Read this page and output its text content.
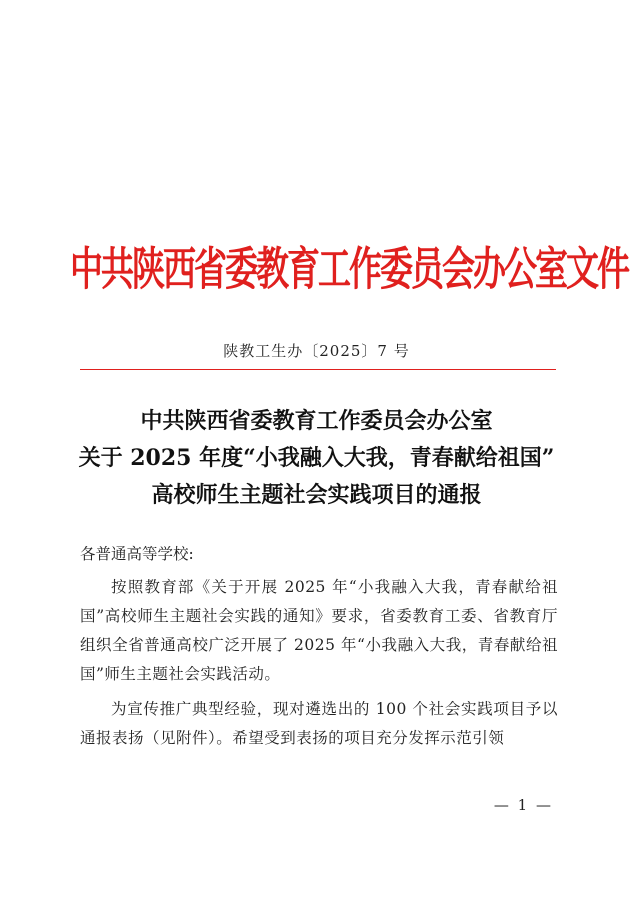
中共陕西省委教育工作委员会办公室文件
陕教工生办〔2025〕7 号
中共陕西省委教育工作委员会办公室
关于 2025 年度“小我融入大我，青春献给祖国”
高校师生主题社会实践项目的通报
各普通高等学校:

按照教育部《关于开展 2025 年“小我融入大我，青春献给祖国”高校师生主题社会实践的通知》要求，省委教育工委、省教育厅组织全省普通高校广泛开展了 2025 年“小我融入大我，青春献给祖国”师生主题社会实践活动。

为宣传推广典型经验，现对遴选出的 100 个社会实践项目予以通报表扬（见附件）。希望受到表扬的项目充分发挥示范引领

— 1 —
